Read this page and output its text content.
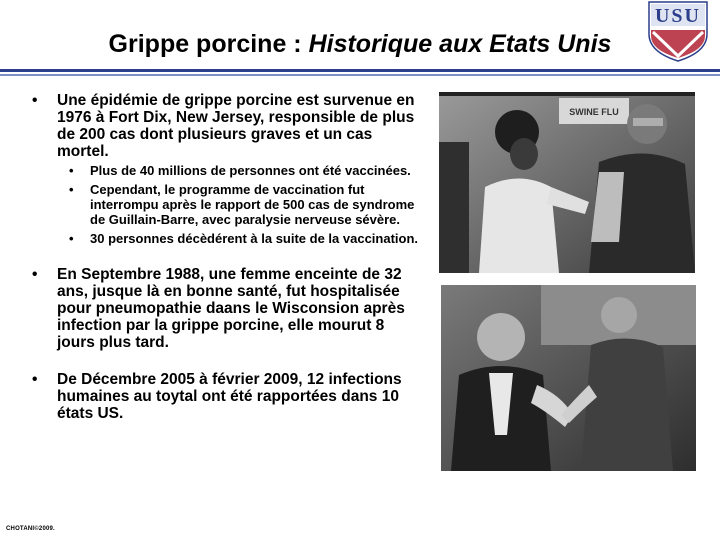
Grippe porcine : Historique aux Etats Unis
USU
• Une épidémie de grippe porcine est survenue en 1976 à Fort Dix, New Jersey, responsible de plus de 200 cas dont plusieurs graves et un cas mortel.
• Plus de 40 millions de personnes ont été vaccinées.
• Cependant, le programme de vaccination fut interrompu après le rapport de 500 cas de syndrome de Guillain-Barre, avec paralysie nerveuse sévère.
• 30 personnes décèdérent à la suite de la vaccination.
• En Septembre 1988, une femme enceinte de 32 ans, jusque là en bonne santé, fut hospitalisée pour pneumopathie daans le Wisconsion après infection par la grippe porcine, elle mourut 8 jours plus tard.
• De Décembre 2005 à février 2009, 12 infections humaines au toytal ont été rapportées dans 10 états US.
SWINE FLU
CHOTANI©2009.
